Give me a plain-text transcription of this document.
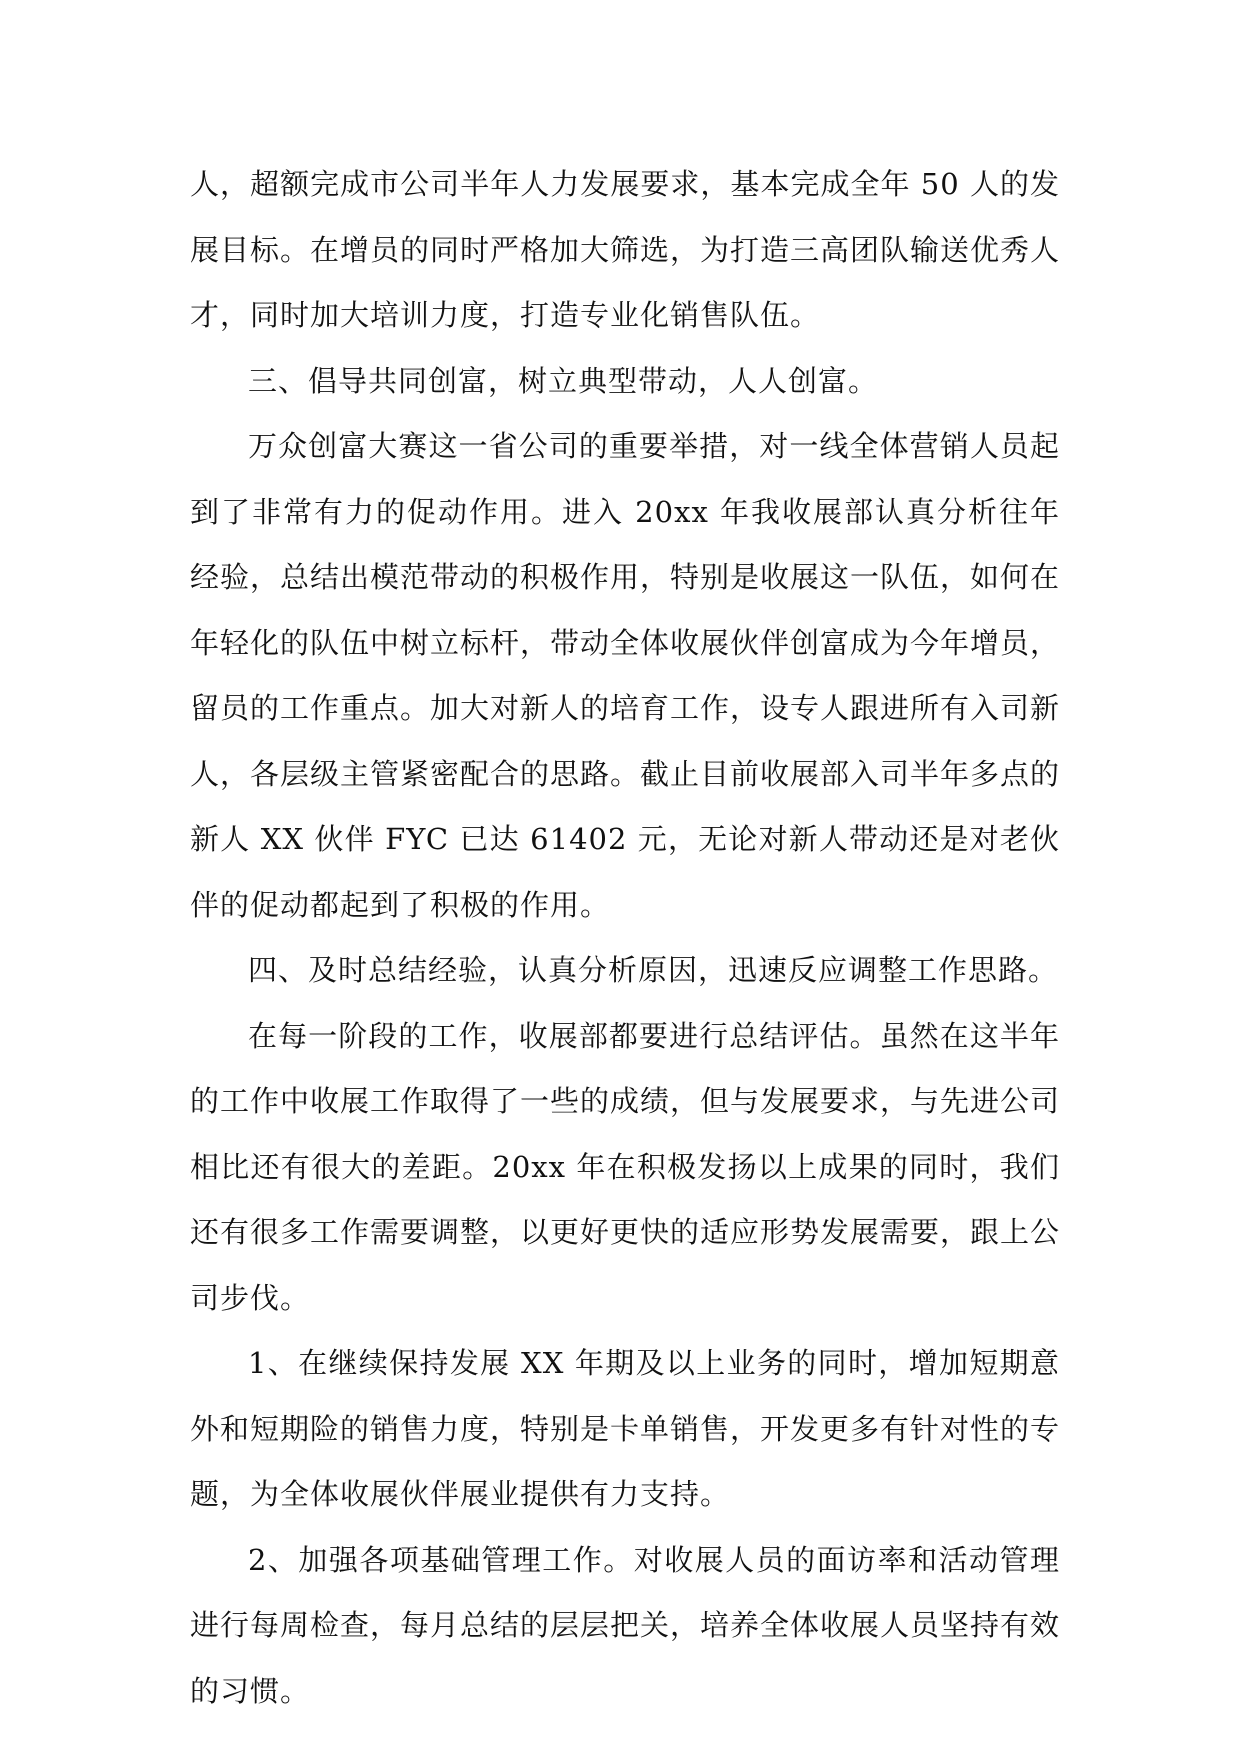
人，超额完成市公司半年人力发展要求，基本完成全年 50 人的发展目标。在增员的同时严格加大筛选，为打造三高团队输送优秀人才，同时加大培训力度，打造专业化销售队伍。

三、倡导共同创富，树立典型带动，人人创富。

万众创富大赛这一省公司的重要举措，对一线全体营销人员起到了非常有力的促动作用。进入 20xx 年我收展部认真分析往年经验，总结出模范带动的积极作用，特别是收展这一队伍，如何在年轻化的队伍中树立标杆，带动全体收展伙伴创富成为今年增员，留员的工作重点。加大对新人的培育工作，设专人跟进所有入司新人，各层级主管紧密配合的思路。截止目前收展部入司半年多点的新人 XX 伙伴 FYC 已达 61402 元，无论对新人带动还是对老伙伴的促动都起到了积极的作用。

四、及时总结经验，认真分析原因，迅速反应调整工作思路。

在每一阶段的工作，收展部都要进行总结评估。虽然在这半年的工作中收展工作取得了一些的成绩，但与发展要求，与先进公司相比还有很大的差距。20xx 年在积极发扬以上成果的同时，我们还有很多工作需要调整，以更好更快的适应形势发展需要，跟上公司步伐。

1、在继续保持发展 XX 年期及以上业务的同时，增加短期意外和短期险的销售力度，特别是卡单销售，开发更多有针对性的专题，为全体收展伙伴展业提供有力支持。

2、加强各项基础管理工作。对收展人员的面访率和活动管理进行每周检查，每月总结的层层把关，培养全体收展人员坚持有效的习惯。
